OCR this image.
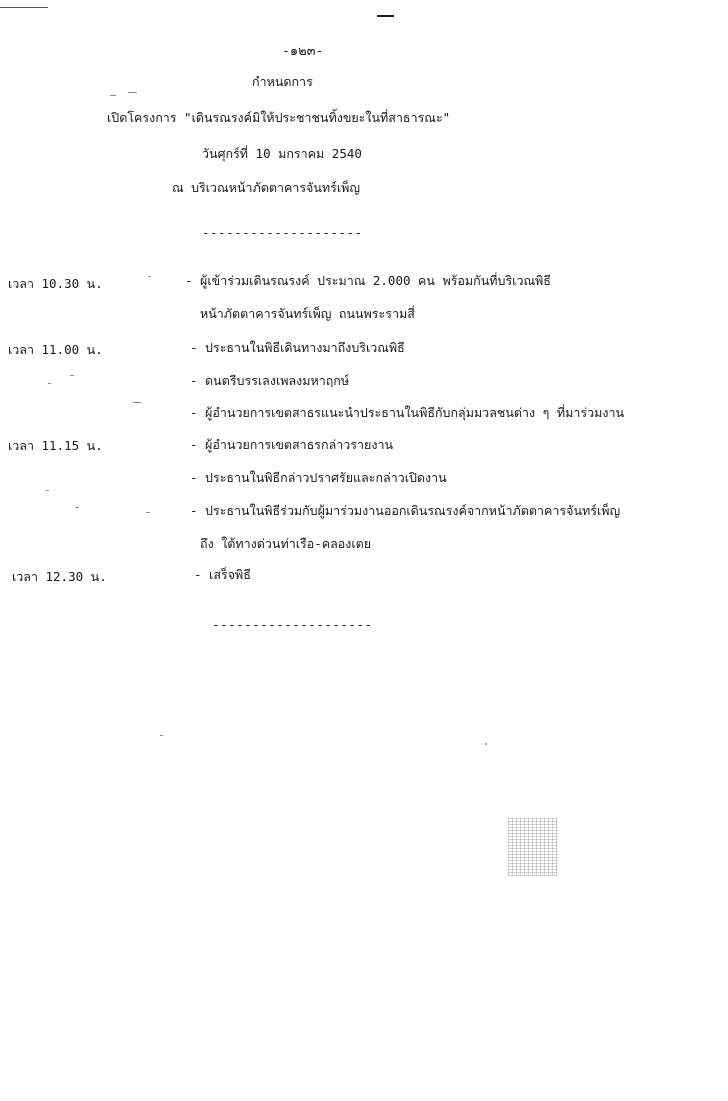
-๑๒๓-
กำหนดการ
เปิดโครงการ "เดินรณรงค์มิให้ประชาชนทิ้งขยะในที่สาธารณะ"
วันศุกร์ที่ 10 มกราคม 2540
ณ บริเวณหน้าภัตตาคารจันทร์เพ็ญ
--------------------
เวลา 10.30 น.	- ผู้เข้าร่วมเดินรณรงค์ ประมาณ 2.000 คน พร้อมกันที่บริเวณพิธี
หน้าภัตตาคารจันทร์เพ็ญ ถนนพระรามสี่
เวลา 11.00 น.	- ประธานในพิธีเดินทางมาถึงบริเวณพิธี
- ดนตรีบรรเลงเพลงมหาฤกษ์
- ผู้อำนวยการเขตสาธรแนะนำประธานในพิธีกับกลุ่มมวลชนต่าง ๆ ที่มาร่วมงาน
เวลา 11.15 น.	- ผู้อำนวยการเขตสาธรกล่าวรายงาน
- ประธานในพิธีกล่าวปราศรัยและกล่าวเปิดงาน
- ประธานในพิธีร่วมกับผู้มาร่วมงานออกเดินรณรงค์จากหน้าภัตตาคารจันทร์เพ็ญ
ถึง ใต้ทางด่วนท่าเรือ-คลองเตย
เวลา 12.30 น.	- เสร็จพิธี
--------------------
